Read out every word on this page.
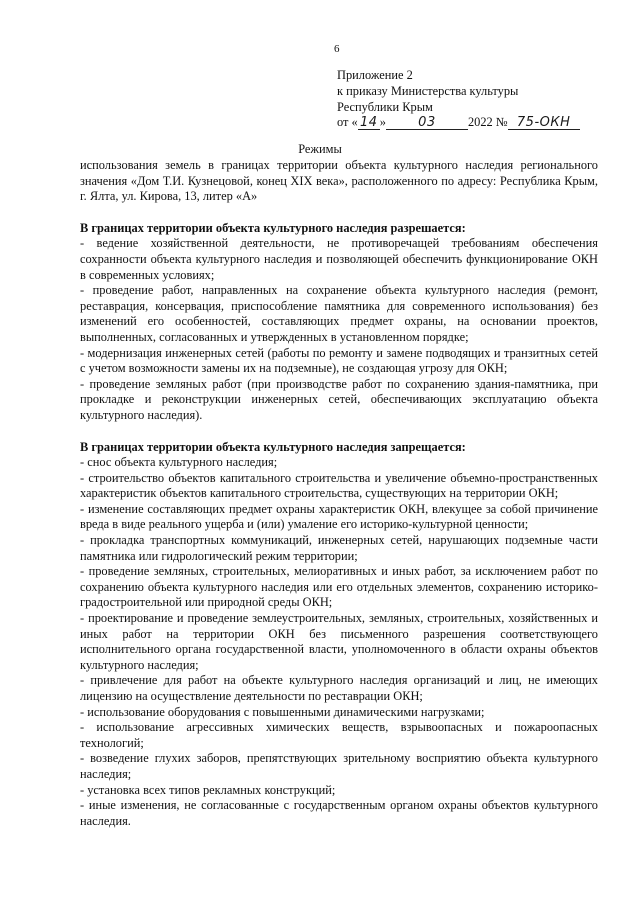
6
Приложение 2
к приказу Министерства культуры
Республики Крым
от « 14 » 03	2022 № 75-ОКН
Режимы

использования земель в границах территории объекта культурного наследия регионального значения «Дом Т.И. Кузнецовой, конец XIX века», расположенного по адресу: Республика Крым, г. Ялта, ул. Кирова, 13, литер «А»

В границах территории объекта культурного наследия разрешается:

- ведение хозяйственной деятельности, не противоречащей требованиям обеспечения сохранности объекта культурного наследия и позволяющей обеспечить функционирование ОКН в современных условиях;

- проведение работ, направленных на сохранение объекта культурного наследия (ремонт, реставрация, консервация, приспособление памятника для современного использования) без изменений его особенностей, составляющих предмет охраны, на основании проектов, выполненных, согласованных и утвержденных в установленном порядке;

- модернизация инженерных сетей (работы по ремонту и замене подводящих и транзитных сетей с учетом возможности замены их на подземные), не создающая угрозу для ОКН;

- проведение земляных работ (при производстве работ по сохранению здания-памятника, при прокладке и реконструкции инженерных сетей, обеспечивающих эксплуатацию объекта культурного наследия).

В границах территории объекта культурного наследия запрещается:

- снос объекта культурного наследия;

- строительство объектов капитального строительства и увеличение объемно-пространственных характеристик объектов капитального строительства, существующих на территории ОКН;

- изменение составляющих предмет охраны характеристик ОКН, влекущее за собой причинение вреда в виде реального ущерба и (или) умаление его историко-культурной ценности;

- прокладка транспортных коммуникаций, инженерных сетей, нарушающих подземные части памятника или гидрологический режим территории;

- проведение земляных, строительных, мелиоративных и иных работ, за исключением работ по сохранению объекта культурного наследия или его отдельных элементов, сохранению историко-градостроительной или природной среды ОКН;

- проектирование и проведение землеустроительных, земляных, строительных, хозяйственных и иных работ на территории ОКН без письменного разрешения соответствующего исполнительного органа государственной власти, уполномоченного в области охраны объектов культурного наследия;

- привлечение для работ на объекте культурного наследия организаций и лиц, не имеющих лицензию на осуществление деятельности по реставрации ОКН;

- использование оборудования с повышенными динамическими нагрузками;

- использование агрессивных химических веществ, взрывоопасных и пожароопасных технологий;

- возведение глухих заборов, препятствующих зрительному восприятию объекта культурного наследия;

- установка всех типов рекламных конструкций;

- иные изменения, не согласованные с государственным органом охраны объектов культурного наследия.
